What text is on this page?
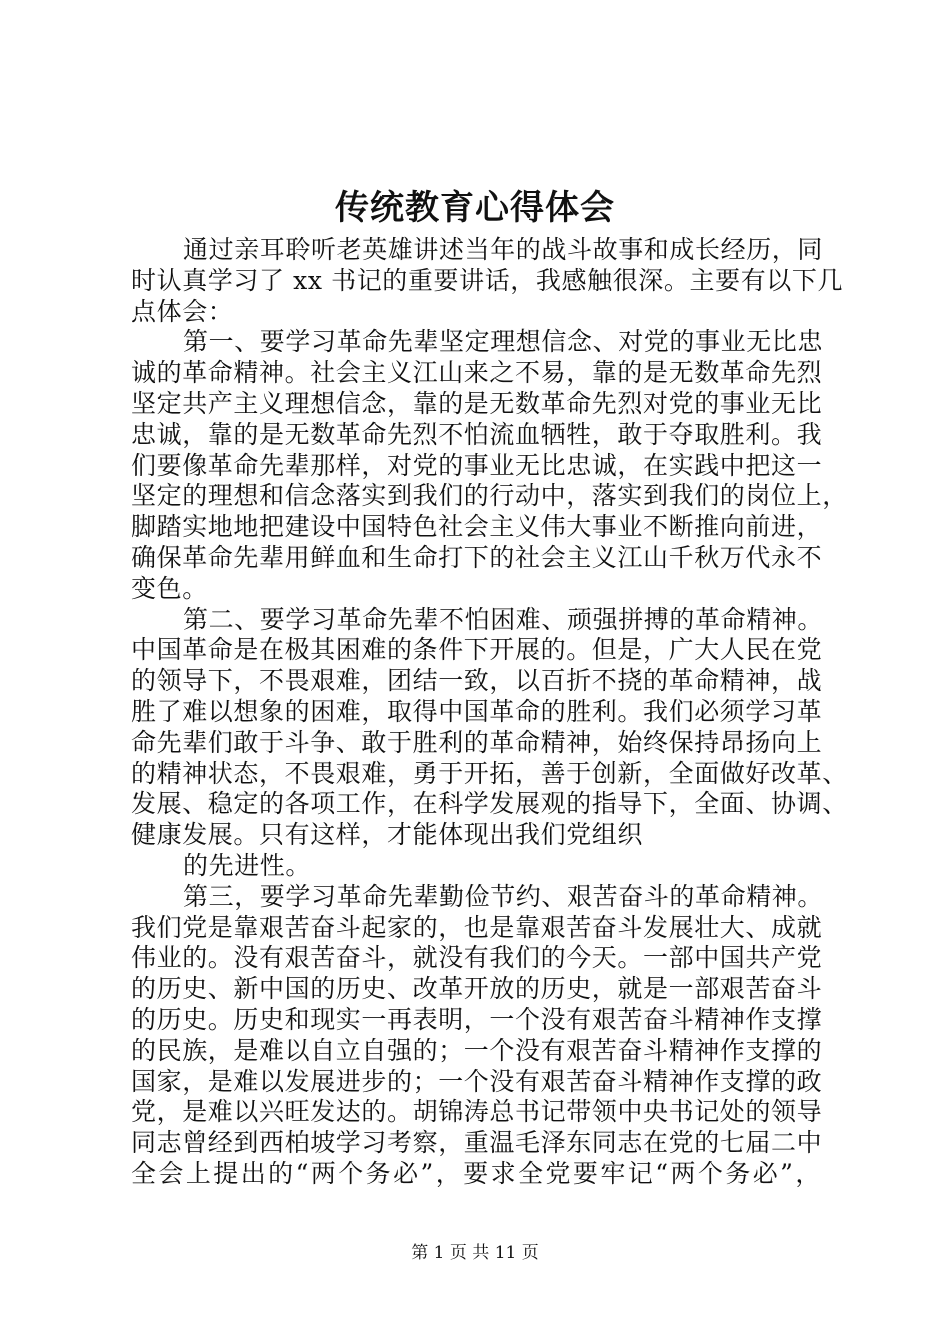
传统教育心得体会
通过亲耳聆听老英雄讲述当年的战斗故事和成长经历，同
时认真学习了 xx 书记的重要讲话，我感触很深。主要有以下几
点体会：
第一、要学习革命先辈坚定理想信念、对党的事业无比忠
诚的革命精神。社会主义江山来之不易，靠的是无数革命先烈
坚定共产主义理想信念，靠的是无数革命先烈对党的事业无比
忠诚，靠的是无数革命先烈不怕流血牺牲，敢于夺取胜利。我
们要像革命先辈那样，对党的事业无比忠诚，在实践中把这一
坚定的理想和信念落实到我们的行动中，落实到我们的岗位上，
脚踏实地地把建设中国特色社会主义伟大事业不断推向前进，
确保革命先辈用鲜血和生命打下的社会主义江山千秋万代永不
变色。
第二、要学习革命先辈不怕困难、顽强拼搏的革命精神。
中国革命是在极其困难的条件下开展的。但是，广大人民在党
的领导下，不畏艰难，团结一致，以百折不挠的革命精神，战
胜了难以想象的困难，取得中国革命的胜利。我们必须学习革
命先辈们敢于斗争、敢于胜利的革命精神，始终保持昂扬向上
的精神状态，不畏艰难，勇于开拓，善于创新，全面做好改革、
发展、稳定的各项工作，在科学发展观的指导下，全面、协调、
健康发展。只有这样，才能体现出我们党组织
的先进性。
第三，要学习革命先辈勤俭节约、艰苦奋斗的革命精神。
我们党是靠艰苦奋斗起家的，也是靠艰苦奋斗发展壮大、成就
伟业的。没有艰苦奋斗，就没有我们的今天。一部中国共产党
的历史、新中国的历史、改革开放的历史，就是一部艰苦奋斗
的历史。历史和现实一再表明，一个没有艰苦奋斗精神作支撑
的民族，是难以自立自强的；一个没有艰苦奋斗精神作支撑的
国家，是难以发展进步的；一个没有艰苦奋斗精神作支撑的政
党，是难以兴旺发达的。胡锦涛总书记带领中央书记处的领导
同志曾经到西柏坡学习考察，重温毛泽东同志在党的七届二中
全会上提出的“两个务必”，要求全党要牢记“两个务必”，
第 1 页 共 11 页
